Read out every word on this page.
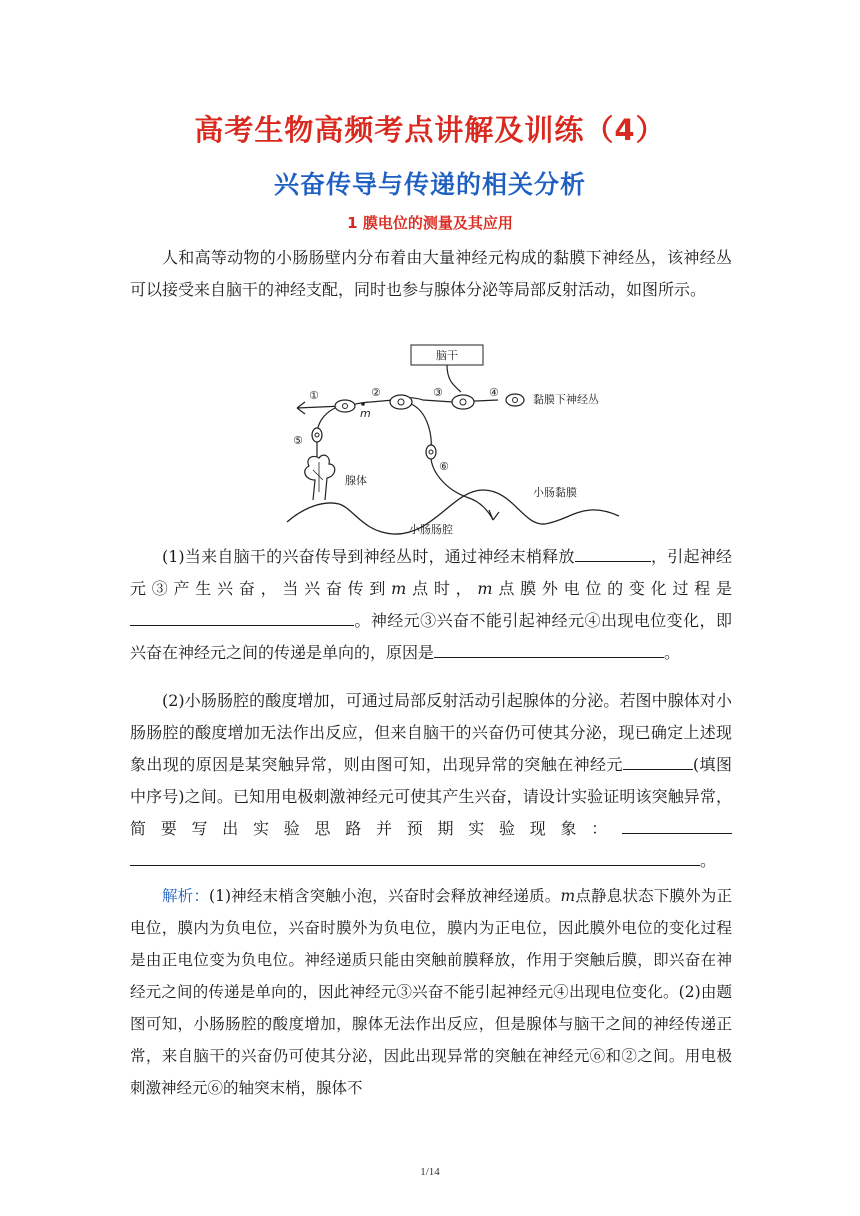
高考生物高频考点讲解及训练（4）
兴奋传导与传递的相关分析
1 膜电位的测量及其应用

人和高等动物的小肠肠壁内分布着由大量神经元构成的黏膜下神经丛，该神经丛可以接受来自脑干的神经支配，同时也参与腺体分泌等局部反射活动，如图所示。

脑干
m
①	②	③	④
⑤
⑥
黏膜下神经丛
腺体
小肠黏膜
小肠肠腔

(1)当来自脑干的兴奋传导到神经丛时，通过神经末梢释放	，引起神经元③产生兴奋，当兴奋传到m点时，m点膜外电位的变化过程是。神经元③兴奋不能引起神经元④出现电位变化，即兴奋在神经元之间的传递是单向的，原因是	。

(2)小肠肠腔的酸度增加，可通过局部反射活动引起腺体的分泌。若图中腺体对小肠肠腔的酸度增加无法作出反应，但来自脑干的兴奋仍可使其分泌，现已确定上述现象出现的原因是某突触异常，则由图可知，出现异常的突触在神经元	(填图中序号)之间。已知用电极刺激神经元可使其产生兴奋，请设计实验证明该突触异常，简要写出实验思路并预期实验现象：。

解析：(1)神经末梢含突触小泡，兴奋时会释放神经递质。m点静息状态下膜外为正电位，膜内为负电位，兴奋时膜外为负电位，膜内为正电位，因此膜外电位的变化过程是由正电位变为负电位。神经递质只能由突触前膜释放，作用于突触后膜，即兴奋在神经元之间的传递是单向的，因此神经元③兴奋不能引起神经元④出现电位变化。(2)由题图可知，小肠肠腔的酸度增加，腺体无法作出反应，但是腺体与脑干之间的神经传递正常，来自脑干的兴奋仍可使其分泌，因此出现异常的突触在神经元⑥和②之间。用电极刺激神经元⑥的轴突末梢，腺体不

1/14
